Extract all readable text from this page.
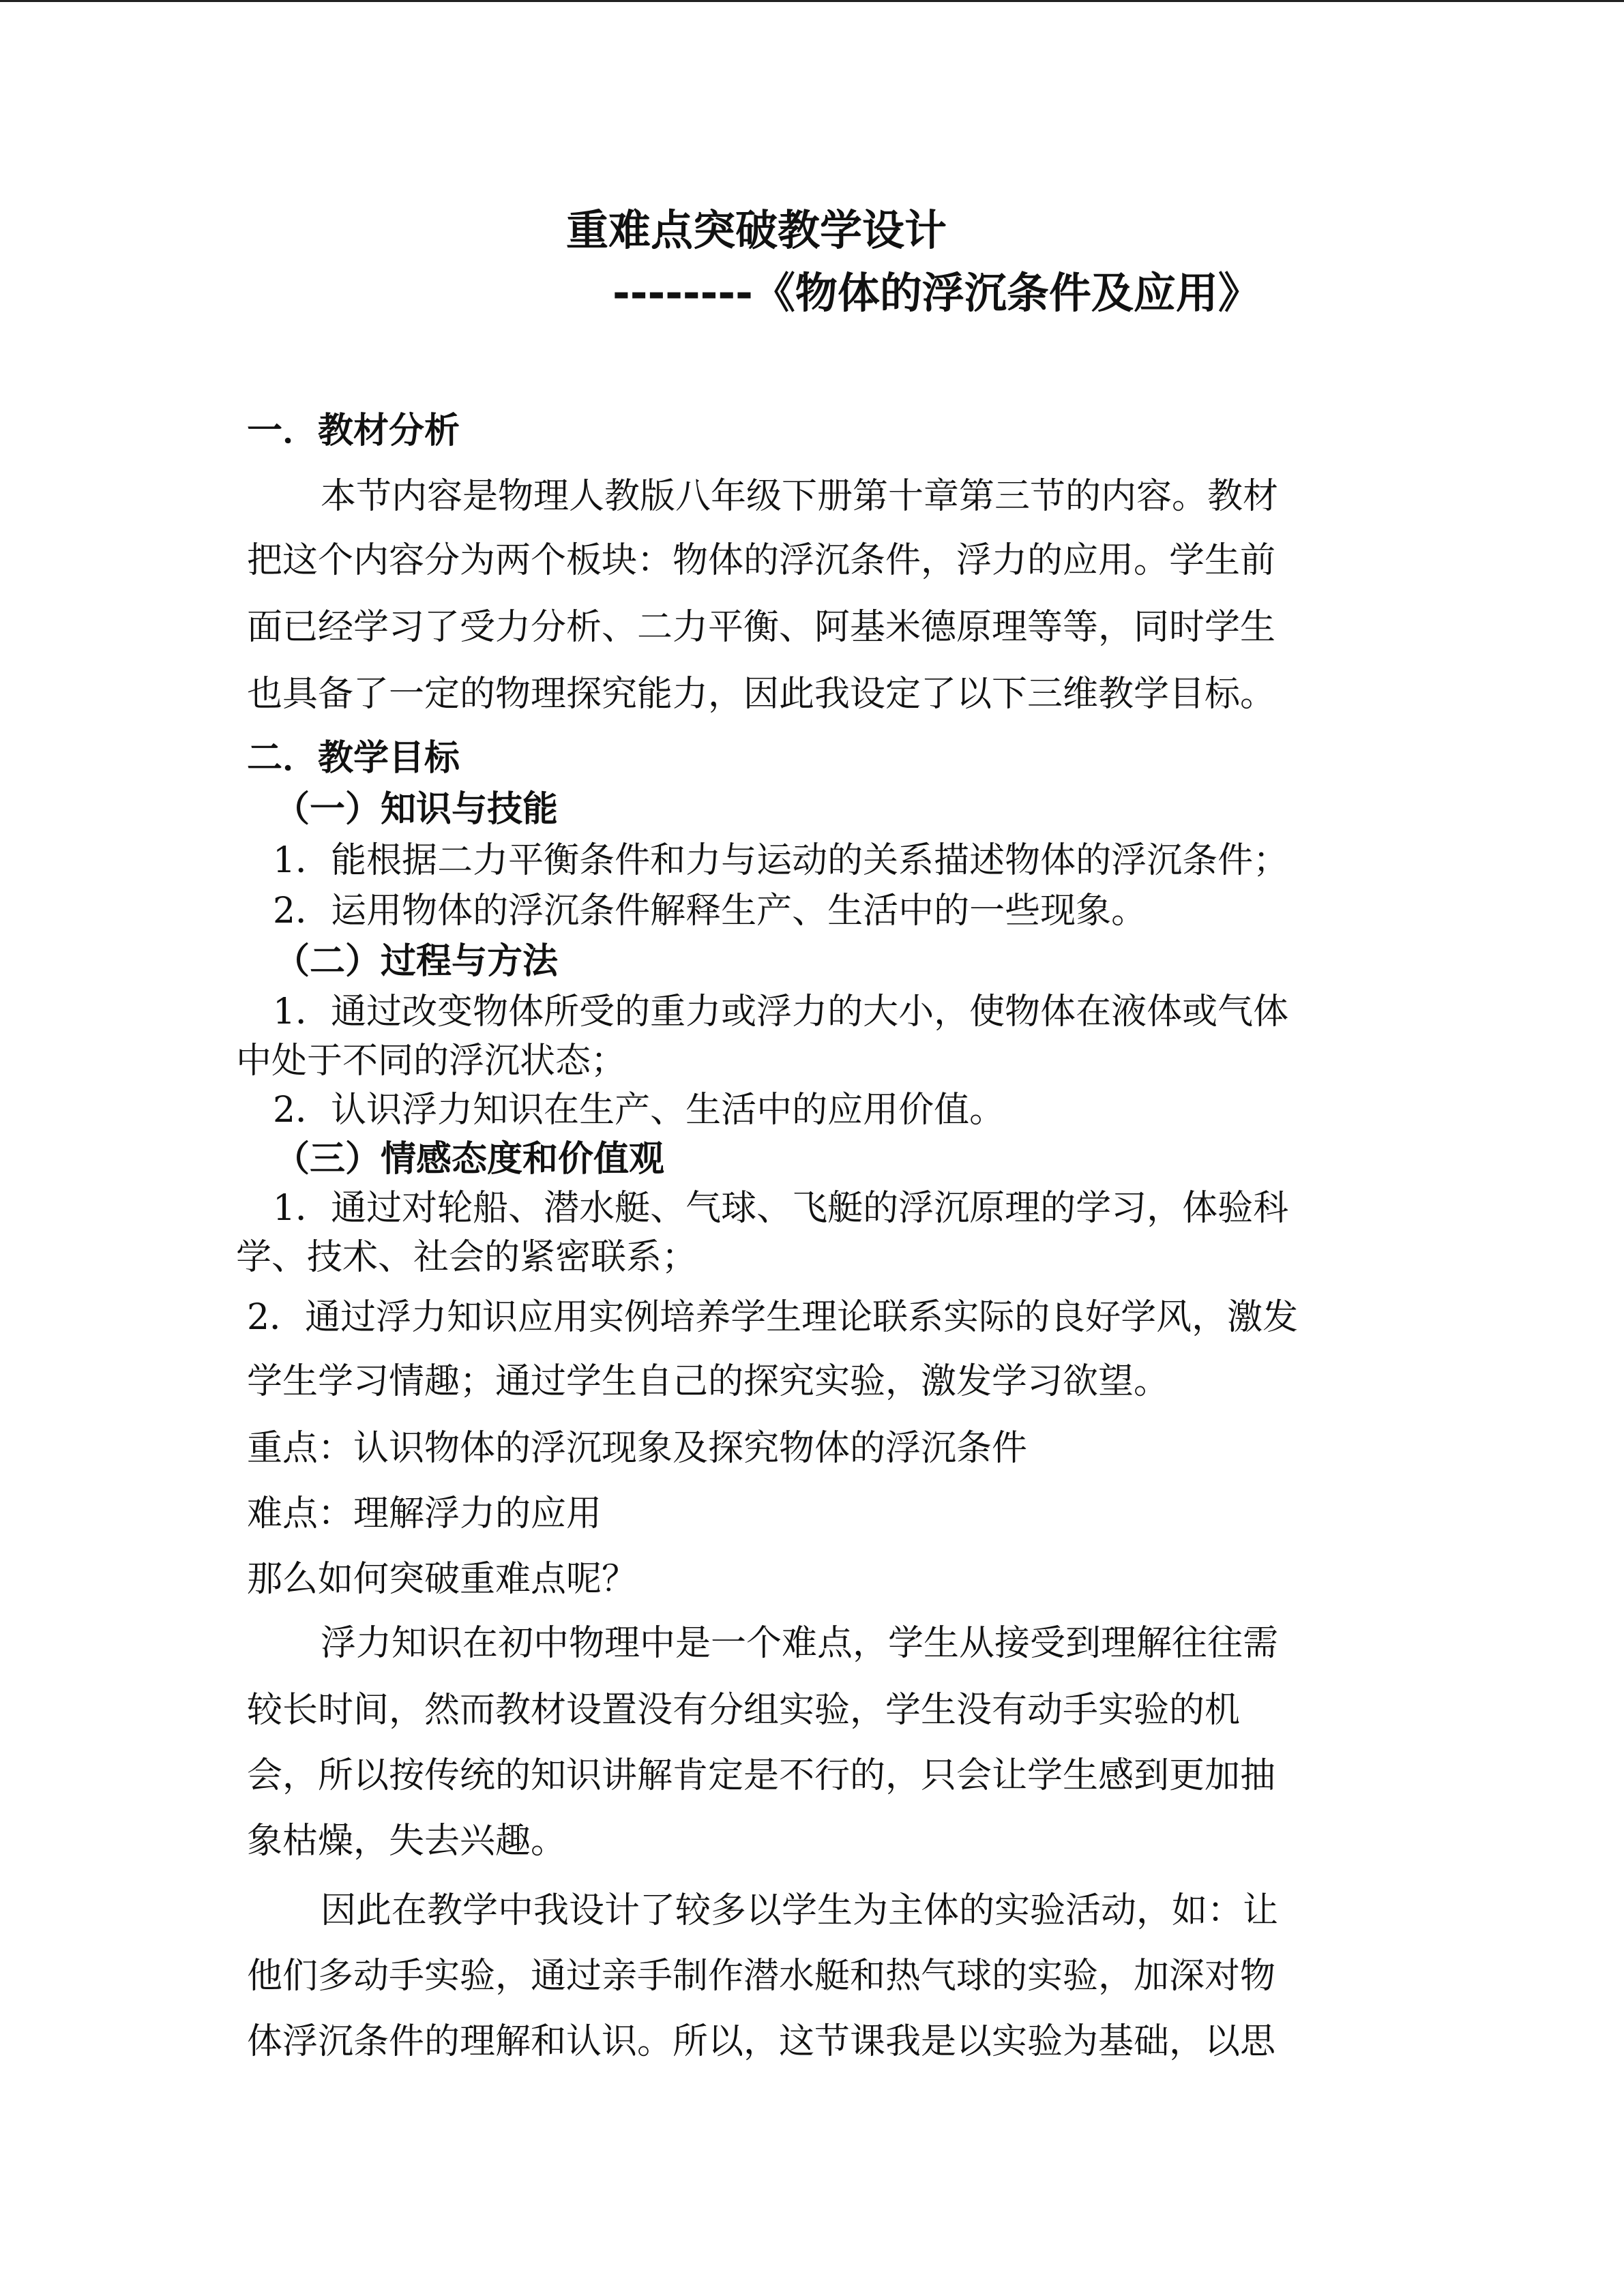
重难点突破教学设计
--------《物体的浮沉条件及应用》
一．教材分析
本节内容是物理人教版八年级下册第十章第三节的内容。教材
把这个内容分为两个板块：物体的浮沉条件，浮力的应用。学生前
面已经学习了受力分析、二力平衡、阿基米德原理等等，同时学生
也具备了一定的物理探究能力，因此我设定了以下三维教学目标。
二．教学目标
（一）知识与技能
1．能根据二力平衡条件和力与运动的关系描述物体的浮沉条件；
2．运用物体的浮沉条件解释生产、生活中的一些现象。
（二）过程与方法
1．通过改变物体所受的重力或浮力的大小，使物体在液体或气体
中处于不同的浮沉状态；
2．认识浮力知识在生产、生活中的应用价值。
（三）情感态度和价值观
1．通过对轮船、潜水艇、气球、飞艇的浮沉原理的学习，体验科
学、技术、社会的紧密联系；
2．通过浮力知识应用实例培养学生理论联系实际的良好学风，激发
学生学习情趣；通过学生自己的探究实验，激发学习欲望。
重点：认识物体的浮沉现象及探究物体的浮沉条件
难点：理解浮力的应用
那么如何突破重难点呢？
浮力知识在初中物理中是一个难点，学生从接受到理解往往需
较长时间，然而教材设置没有分组实验，学生没有动手实验的机
会，所以按传统的知识讲解肯定是不行的，只会让学生感到更加抽
象枯燥，失去兴趣。
因此在教学中我设计了较多以学生为主体的实验活动，如：让
他们多动手实验，通过亲手制作潜水艇和热气球的实验，加深对物
体浮沉条件的理解和认识。所以，这节课我是以实验为基础，以思
